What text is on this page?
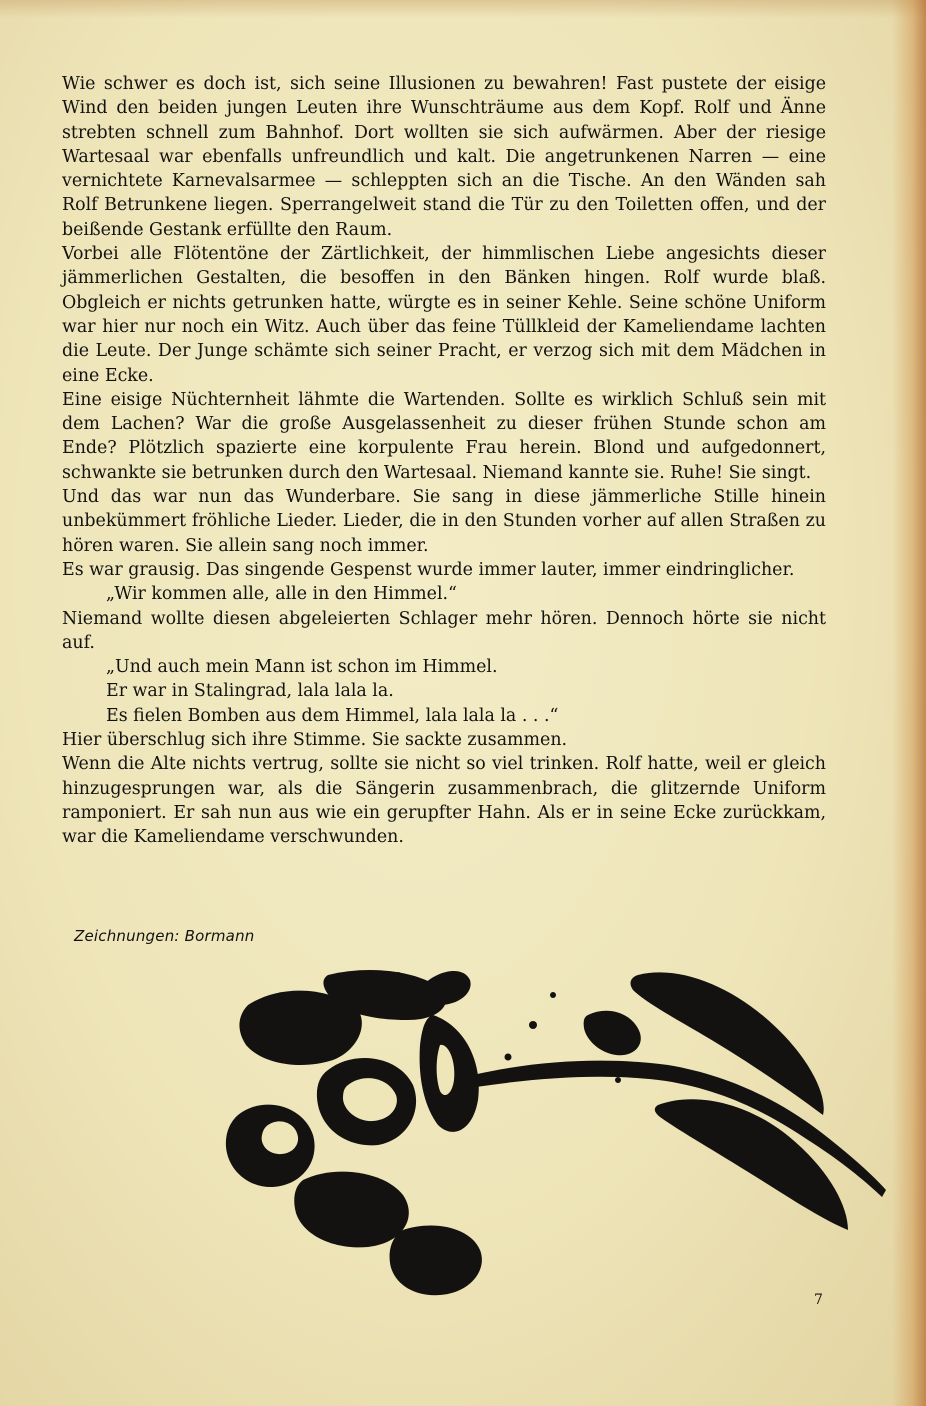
Wie schwer es doch ist, sich seine Illusionen zu bewahren! Fast pustete der eisige Wind den beiden jungen Leuten ihre Wunschträume aus dem Kopf. Rolf und Änne strebten schnell zum Bahnhof. Dort wollten sie sich aufwärmen. Aber der riesige Wartesaal war ebenfalls unfreundlich und kalt. Die angetrunkenen Narren — eine vernichtete Karnevalsarmee — schleppten sich an die Tische. An den Wänden sah Rolf Betrunkene liegen. Sperrangelweit stand die Tür zu den Toiletten offen, und der beißende Gestank erfüllte den Raum.

Vorbei alle Flötentöne der Zärtlichkeit, der himmlischen Liebe angesichts dieser jämmerlichen Gestalten, die besoffen in den Bänken hingen. Rolf wurde blaß. Obgleich er nichts getrunken hatte, würgte es in seiner Kehle. Seine schöne Uniform war hier nur noch ein Witz. Auch über das feine Tüllkleid der Kameliendame lachten die Leute. Der Junge schämte sich seiner Pracht, er verzog sich mit dem Mädchen in eine Ecke.

Eine eisige Nüchternheit lähmte die Wartenden. Sollte es wirklich Schluß sein mit dem Lachen? War die große Ausgelassenheit zu dieser frühen Stunde schon am Ende? Plötzlich spazierte eine korpulente Frau herein. Blond und aufgedonnert, schwankte sie betrunken durch den Wartesaal. Niemand kannte sie. Ruhe! Sie singt.

Und das war nun das Wunderbare. Sie sang in diese jämmerliche Stille hinein unbekümmert fröhliche Lieder. Lieder, die in den Stunden vorher auf allen Straßen zu hören waren. Sie allein sang noch immer.

Es war grausig. Das singende Gespenst wurde immer lauter, immer eindringlicher.

„Wir kommen alle, alle in den Himmel.“

Niemand wollte diesen abgeleierten Schlager mehr hören. Dennoch hörte sie nicht auf.

„Und auch mein Mann ist schon im Himmel.

Er war in Stalingrad, lala lala la.

Es fielen Bomben aus dem Himmel, lala lala la . . .“

Hier überschlug sich ihre Stimme. Sie sackte zusammen.

Wenn die Alte nichts vertrug, sollte sie nicht so viel trinken. Rolf hatte, weil er gleich hinzugesprungen war, als die Sängerin zusammenbrach, die glitzernde Uniform ramponiert. Er sah nun aus wie ein gerupfter Hahn. Als er in seine Ecke zurückkam, war die Kameliendame verschwunden.

Zeichnungen: Bormann
7
